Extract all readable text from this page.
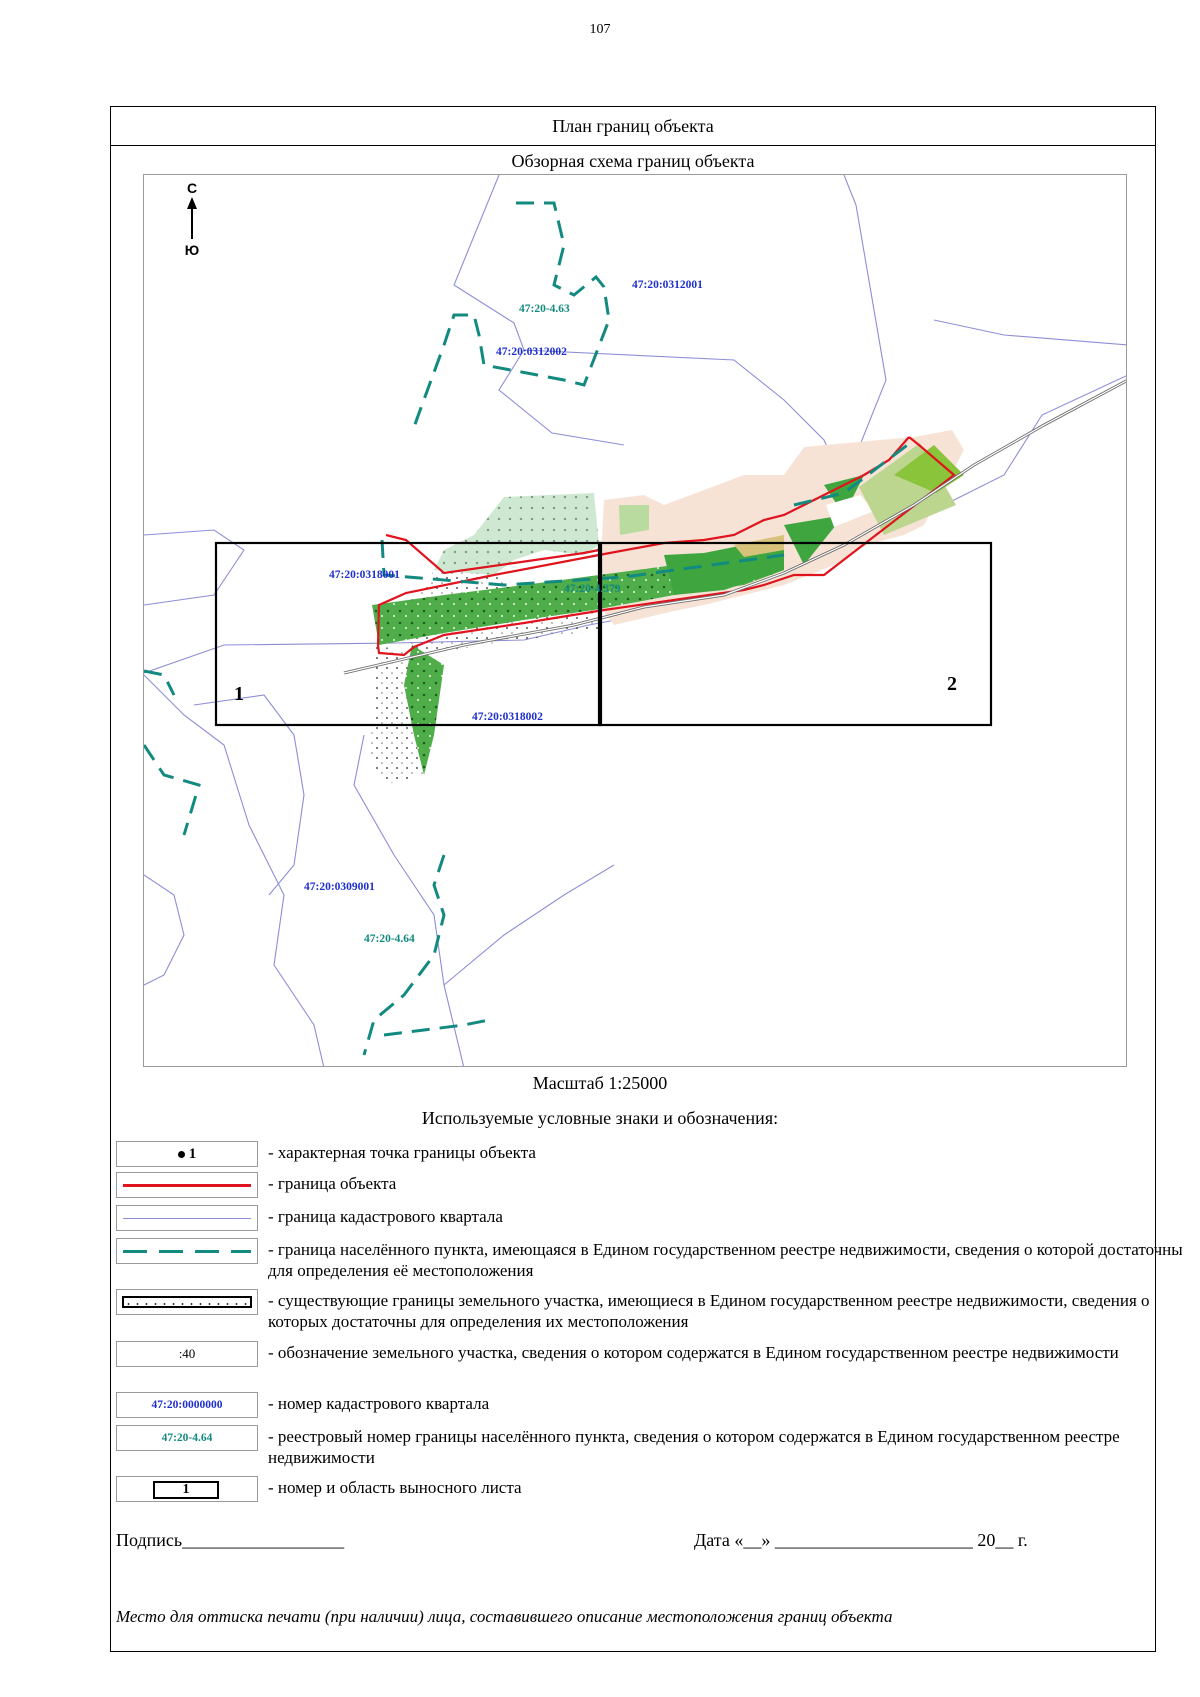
107
План границ объекта
Обзорная схема границ объекта
1	2
С
Ю
47:20:0312001
47:20:0312002
47:20:0318001
47:20:0318002
47:20:0309001
47:20-4.63
47:20-4.379
47:20-4.64
Масштаб 1:25000
Используемые условные знаки и обозначения:
1	- характерная точка границы объекта
- граница объекта
- граница кадастрового квартала
- граница населённого пункта, имеющаяся в Едином государственном реестре недвижимости, сведения о которой достаточны для определения её местоположения
- существующие границы земельного участка, имеющиеся в Едином государственном реестре недвижимости, сведения о которых достаточны для определения их местоположения
:40	- обозначение земельного участка, сведения о котором содержатся в Едином государственном реестре недвижимости
47:20:0000000	- номер кадастрового квартала
47:20-4.64	- реестровый номер границы населённого пункта, сведения о котором содержатся в Едином государственном реестре недвижимости
1	- номер и область выносного листа
Подпись__________________	Дата «__» ______________________ 20__ г.
Место для оттиска печати (при наличии) лица, составившего описание местоположения границ объекта
